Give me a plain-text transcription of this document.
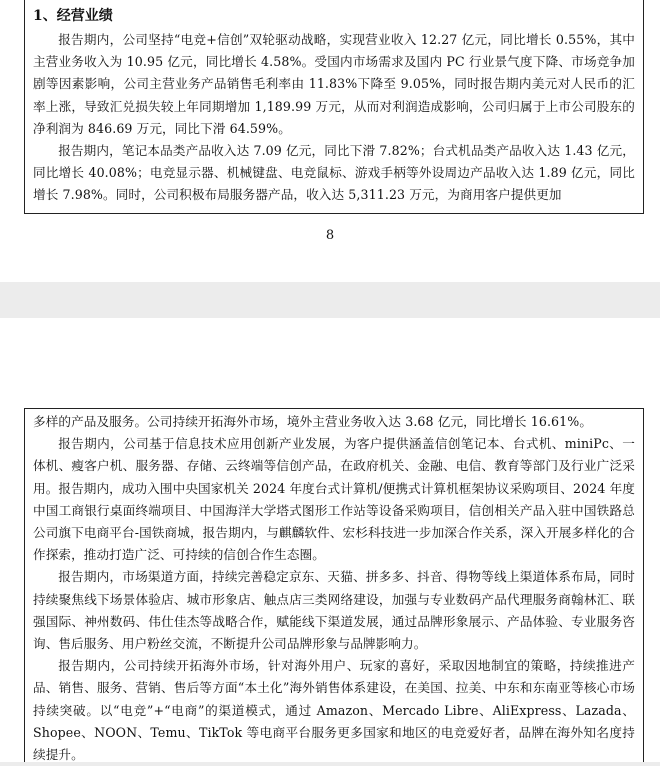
1、经营业绩

报告期内，公司坚持“电竞+信创”双轮驱动战略，实现营业收入 12.27 亿元，同比增长 0.55%，其中主营业务收入为 10.95 亿元，同比增长 4.58%。受国内市场需求及国内 PC 行业景气度下降、市场竞争加剧等因素影响，公司主营业务产品销售毛利率由 11.83%下降至 9.05%，同时报告期内美元对人民币的汇率上涨，导致汇兑损失较上年同期增加 1,189.99 万元，从而对利润造成影响，公司归属于上市公司股东的净利润为 846.69 万元，同比下滑 64.59%。

报告期内，笔记本品类产品收入达 7.09 亿元，同比下滑 7.82%；台式机品类产品收入达 1.43 亿元，同比增长 40.08%；电竞显示器、机械键盘、电竞鼠标、游戏手柄等外设周边产品收入达 1.89 亿元，同比增长 7.98%。同时，公司积极布局服务器产品，收入达 5,311.23 万元，为商用客户提供更加

8

多样的产品及服务。公司持续开拓海外市场，境外主营业务收入达 3.68 亿元，同比增长 16.61%。

报告期内，公司基于信息技术应用创新产业发展，为客户提供涵盖信创笔记本、台式机、miniPc、一体机、瘦客户机、服务器、存储、云终端等信创产品，在政府机关、金融、电信、教育等部门及行业广泛采用。报告期内，成功入围中央国家机关 2024 年度台式计算机/便携式计算机框架协议采购项目、2024 年度中国工商银行桌面终端项目、中国海洋大学塔式图形工作站等设备采购项目，信创相关产品入驻中国铁路总公司旗下电商平台-国铁商城，报告期内，与麒麟软件、宏杉科技进一步加深合作关系，深入开展多样化的合作探索，推动打造广泛、可持续的信创合作生态圈。

报告期内，市场渠道方面，持续完善稳定京东、天猫、拼多多、抖音、得物等线上渠道体系布局，同时持续聚焦线下场景体验店、城市形象店、触点店三类网络建设，加强与专业数码产品代理服务商翰林汇、联强国际、神州数码、伟仕佳杰等战略合作，赋能线下渠道发展，通过品牌形象展示、产品体验、专业服务咨询、售后服务、用户粉丝交流，不断提升公司品牌形象与品牌影响力。

报告期内，公司持续开拓海外市场，针对海外用户、玩家的喜好，采取因地制宜的策略，持续推进产品、销售、服务、营销、售后等方面“本土化”海外销售体系建设，在美国、拉美、中东和东南亚等核心市场持续突破。以“电竞”+“电商”的渠道模式，通过 Amazon、Mercado Libre、AliExpress、Lazada、Shopee、NOON、Temu、TikTok 等电商平台服务更多国家和地区的电竞爱好者，品牌在海外知名度持续提升。
